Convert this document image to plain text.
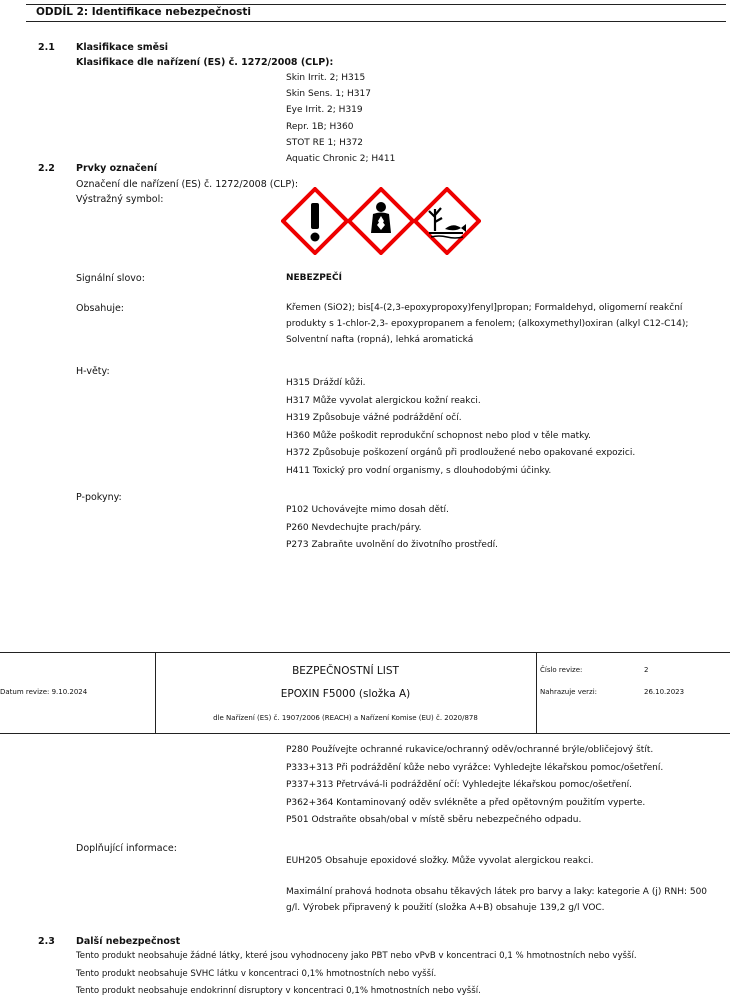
ODDÍL 2: Identifikace nebezpečnosti
2.1 Klasifikace směsi
Klasifikace dle nařízení (ES) č. 1272/2008 (CLP):
Skin Irrit. 2; H315
Skin Sens. 1; H317
Eye Irrit. 2; H319
Repr. 1B; H360
STOT RE 1; H372
Aquatic Chronic 2; H411
2.2 Prvky označení
Označení dle nařízení (ES) č. 1272/2008 (CLP):
Výstražný symbol:
Signální slovo:	NEBEZPEČÍ
Obsahuje:	Křemen (SiO2); bis[4-(2,3-epoxypropoxy)fenyl]propan; Formaldehyd, oligomerní reakční produkty s 1-chlor-2,3- epoxypropanem a fenolem; (alkoxymethyl)oxiran (alkyl C12-C14); Solventní nafta (ropná), lehká aromatická
H-věty:
H315 Dráždí kůži.
H317 Může vyvolat alergickou kožní reakci.
H319 Způsobuje vážné podráždění očí.
H360 Může poškodit reprodukční schopnost nebo plod v těle matky.
H372 Způsobuje poškození orgánů při prodloužené nebo opakované expozici.
H411 Toxický pro vodní organismy, s dlouhodobými účinky.
P-pokyny:
P102 Uchovávejte mimo dosah dětí.
P260 Nevdechujte prach/páry.
P273 Zabraňte uvolnění do životního prostředí.
Datum revize: 9.10.2024
BEZPEČNOSTNÍ LIST
EPOXIN F5000 (složka A)
dle Nařízení (ES) č. 1907/2006 (REACH) a Nařízení Komise (EU) č. 2020/878
Číslo revize:	2
Nahrazuje verzi:	26.10.2023
P280 Používejte ochranné rukavice/ochranný oděv/ochranné brýle/obličejový štít.
P333+313 Při podráždění kůže nebo vyrážce: Vyhledejte lékařskou pomoc/ošetření.
P337+313 Přetrvává-li podráždění očí: Vyhledejte lékařskou pomoc/ošetření.
P362+364 Kontaminovaný oděv svlékněte a před opětovným použitím vyperte.
P501 Odstraňte obsah/obal v místě sběru nebezpečného odpadu.
Doplňující informace:
EUH205 Obsahuje epoxidové složky. Může vyvolat alergickou reakci.
Maximální prahová hodnota obsahu těkavých látek pro barvy a laky: kategorie A (j) RNH: 500 g/l. Výrobek připravený k použití (složka A+B) obsahuje 139,2 g/l VOC.
2.3 Další nebezpečnost
Tento produkt neobsahuje žádné látky, které jsou vyhodnoceny jako PBT nebo vPvB v koncentraci 0,1 % hmotnostních nebo vyšší.
Tento produkt neobsahuje SVHC látku v koncentraci 0,1% hmotnostních nebo vyšší.
Tento produkt neobsahuje endokrinní disruptory v koncentraci 0,1% hmotnostních nebo vyšší.
